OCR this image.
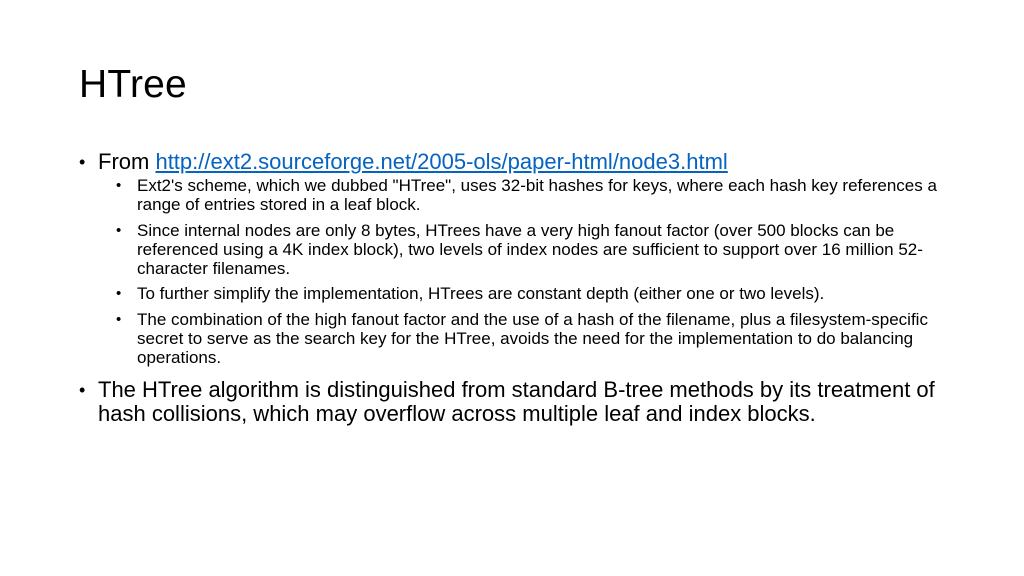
HTree
• From http://ext2.sourceforge.net/2005-ols/paper-html/node3.html
• Ext2's scheme, which we dubbed "HTree", uses 32-bit hashes for keys, where each hash key references a range of entries stored in a leaf block.
• Since internal nodes are only 8 bytes, HTrees have a very high fanout factor (over 500 blocks can be referenced using a 4K index block), two levels of index nodes are sufficient to support over 16 million 52-character filenames.
• To further simplify the implementation, HTrees are constant depth (either one or two levels).
• The combination of the high fanout factor and the use of a hash of the filename, plus a filesystem-specific secret to serve as the search key for the HTree, avoids the need for the implementation to do balancing operations.
• The HTree algorithm is distinguished from standard B-tree methods by its treatment of hash collisions, which may overflow across multiple leaf and index blocks.
